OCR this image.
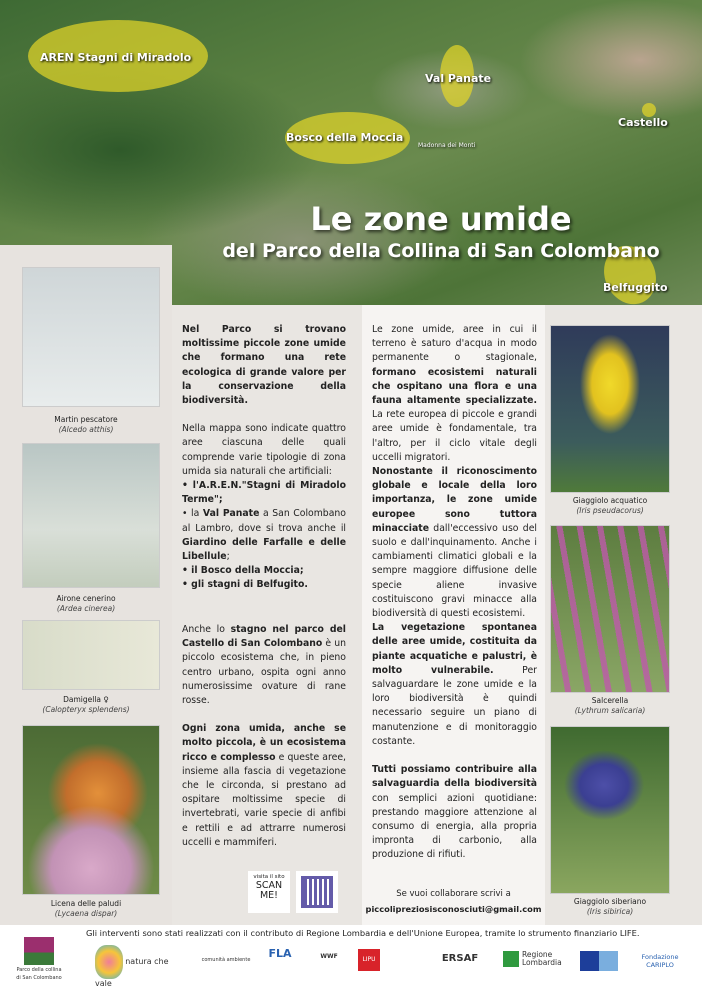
AREN Stagni di Miradolo
Val Panate
Bosco della Moccia
Castello
Belfuggito
Madonna dei Monti
Le zone umide
del Parco della Collina di San Colombano
Martin pescatore
(Alcedo atthis)
Airone cenerino
(Ardea cinerea)
Damigella ♀
(Calopteryx splendens)
Licena delle paludi
(Lycaena dispar)

Nel Parco si trovano moltissime piccole zone umide che formano una rete ecologica di grande valore per la conservazione della biodiversità.

Nella mappa sono indicate quattro aree ciascuna delle quali comprende varie tipologie di zona umida sia naturali che artificiali:
• l'A.R.E.N."Stagni di Miradolo Terme";
• la Val Panate a San Colombano al Lambro, dove si trova anche il Giardino delle Farfalle e delle Libellule;
• il Bosco della Moccia;
• gli stagni di Belfugito.

Anche lo stagno nel parco del Castello di San Colombano è un piccolo ecosistema che, in pieno centro urbano, ospita ogni anno numerosissime ovature di rane rosse.

Ogni zona umida, anche se molto piccola, è un ecosistema ricco e complesso e queste aree, insieme alla fascia di vegetazione che le circonda, si prestano ad ospitare moltissime specie di invertebrati, varie specie di anfibi e rettili e ad attrarre numerosi uccelli e mammiferi.

visita il sito
SCAN ME!

Le zone umide, aree in cui il terreno è saturo d'acqua in modo permanente o stagionale, formano ecosistemi naturali che ospitano una flora e una fauna altamente specializzate. La rete europea di piccole e grandi aree umide è fondamentale, tra l'altro, per il ciclo vitale degli uccelli migratori.

Nonostante il riconoscimento globale e locale della loro importanza, le zone umide europee sono tuttora minacciate dall'eccessivo uso del suolo e dall'inquinamento. Anche i cambiamenti climatici globali e la sempre maggiore diffusione delle specie aliene invasive costituiscono gravi minacce alla biodiversità di questi ecosistemi.

La vegetazione spontanea delle aree umide, costituita da piante acquatiche e palustri, è molto vulnerabile. Per salvaguardare le zone umide e la loro biodiversità è quindi necessario seguire un piano di manutenzione e di monitoraggio costante.

Tutti possiamo contribuire alla salvaguardia della biodiversità con semplici azioni quotidiane: prestando maggiore attenzione al consumo di energia, alla propria impronta di carbonio, alla produzione di rifiuti.

Se vuoi collaborare scrivi a
piccolipreziosisconosciuti@gmail.com
Giaggiolo acquatico
(Iris pseudacorus)
Salcerella
(Lythrum salicaria)
Giaggiolo siberiano
(Iris sibirica)
Gli interventi sono stati realizzati con il contributo di Regione Lombardia e dell'Unione Europea, tramite lo strumento finanziario LIFE.
Parco della collina di San Colombano
natura che vale
comunità ambiente	FLA	WWF	LIPU	ERSAF	Regione Lombardia
Fondazione CARIPLO
